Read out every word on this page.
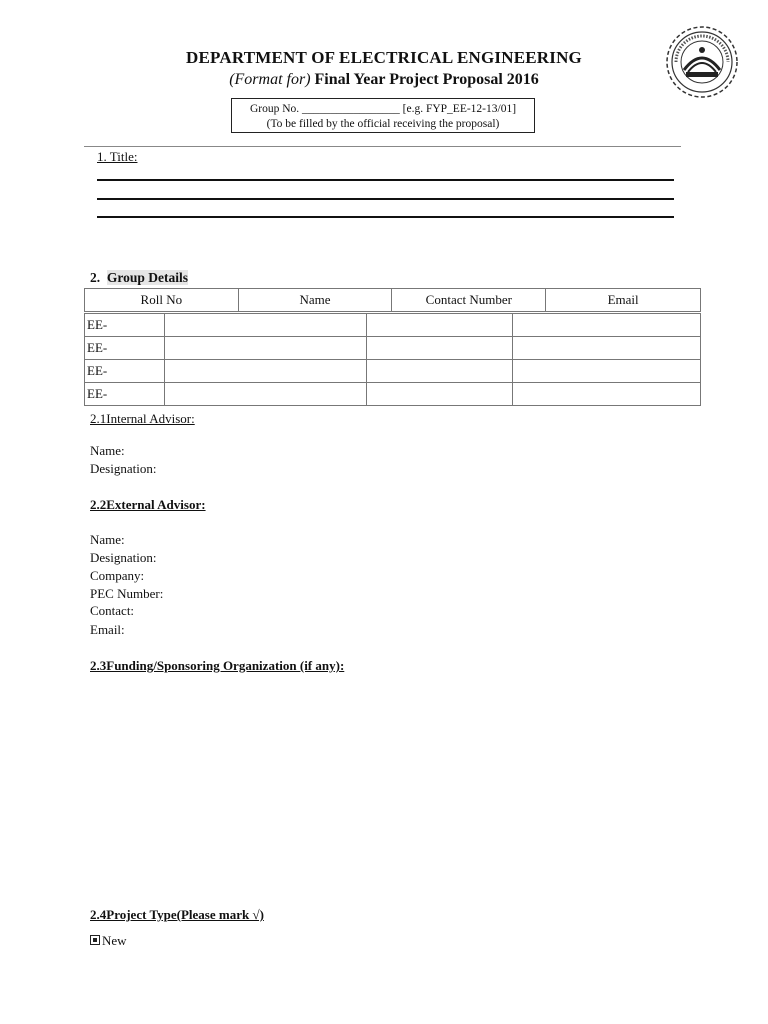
DEPARTMENT OF ELECTRICAL ENGINEERING
(Format for) Final Year Project Proposal 2016
Group No. _________________ [e.g. FYP_EE-12-13/01]
(To be filled by the official receiving the proposal)
1. Title:
2. Group Details
Roll No	Name	Contact Number	Email
EE-			
EE-			
EE-			
EE-			
2.1Internal Advisor:
Name:
Designation:
2.2External Advisor:
Name:
Designation:
Company:
PEC Number:
Contact:
Email:
2.3Funding/Sponsoring Organization (if any):
2.4Project Type(Please mark √)
New
